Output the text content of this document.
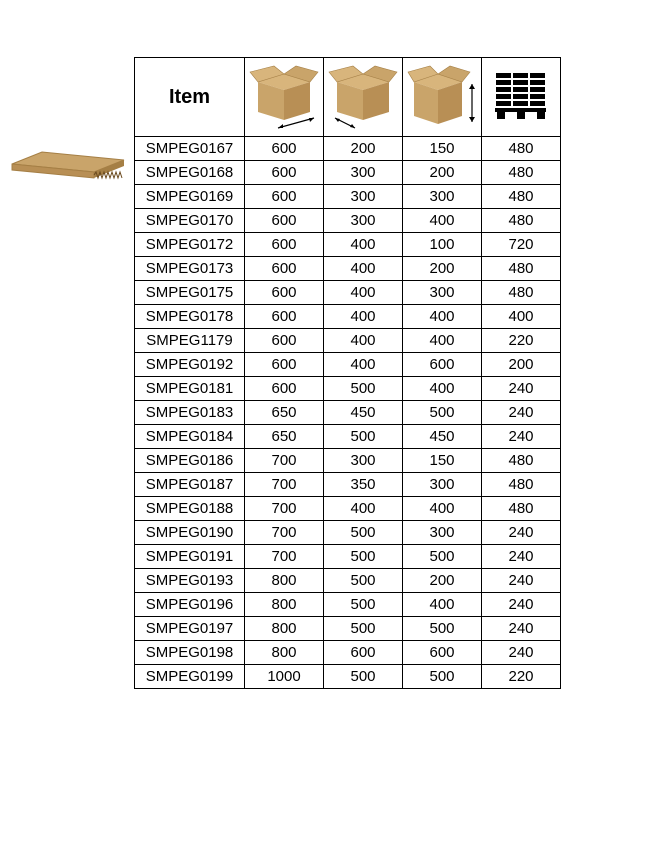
Item	

SMPEG0167	600	200	150	480
SMPEG0168	600	300	200	480
SMPEG0169	600	300	300	480
SMPEG0170	600	300	400	480
SMPEG0172	600	400	100	720
SMPEG0173	600	400	200	480
SMPEG0175	600	400	300	480
SMPEG0178	600	400	400	400
SMPEG1179	600	400	400	220
SMPEG0192	600	400	600	200
SMPEG0181	600	500	400	240
SMPEG0183	650	450	500	240
SMPEG0184	650	500	450	240
SMPEG0186	700	300	150	480
SMPEG0187	700	350	300	480
SMPEG0188	700	400	400	480
SMPEG0190	700	500	300	240
SMPEG0191	700	500	500	240
SMPEG0193	800	500	200	240
SMPEG0196	800	500	400	240
SMPEG0197	800	500	500	240
SMPEG0198	800	600	600	240
SMPEG0199	1000	500	500	220
